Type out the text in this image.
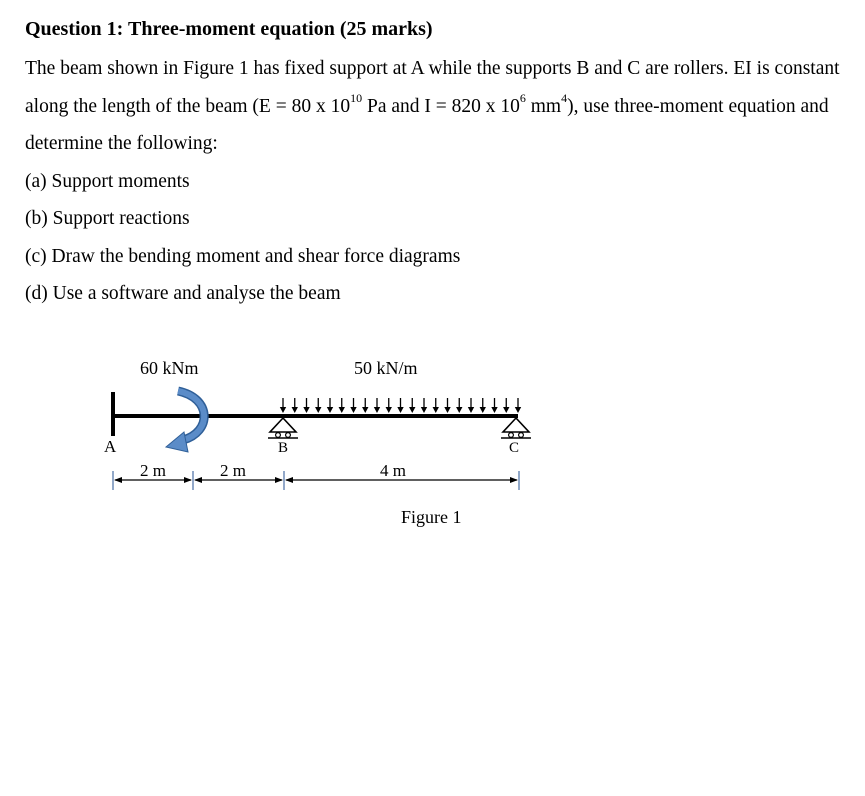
Question 1: Three-moment equation (25 marks)

The beam shown in Figure 1 has fixed support at A while the supports B and C are rollers. EI is constant along the length of the beam (E = 80 x $10^{10}$ Pa and I = 820 x $10^6$ $mm^4$), use three-moment equation and determine the following:

(a) Support moments

(b) Support reactions

(c) Draw the bending moment and shear force diagrams

(d) Use a software and analyse the beam

60 kNm	50 kN/m
A	B	C
2 m	2 m	4 m
Figure 1
